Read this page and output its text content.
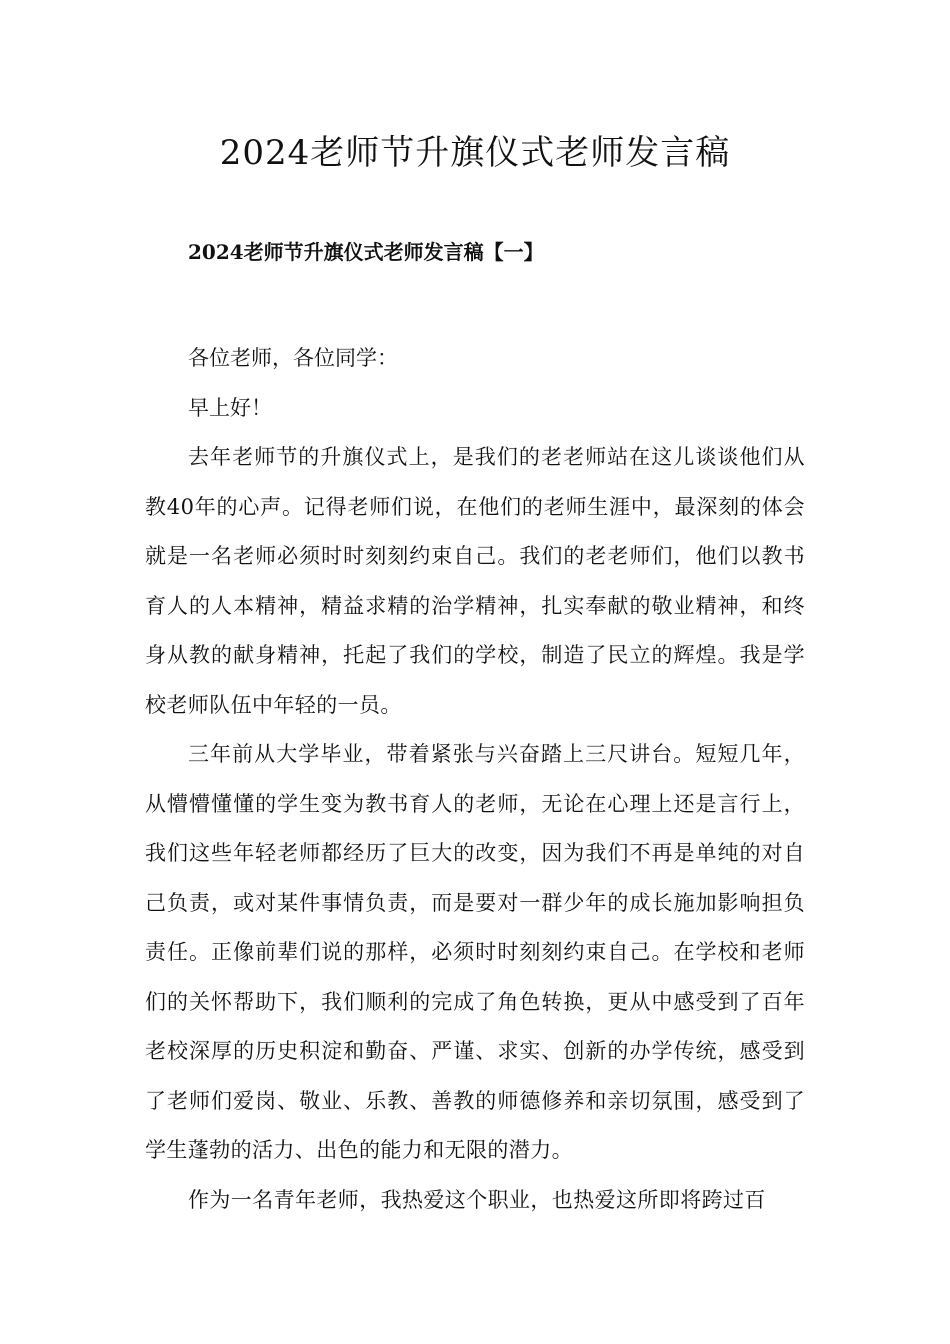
2024老师节升旗仪式老师发言稿
2024老师节升旗仪式老师发言稿【一】

各位老师，各位同学：

早上好！

去年老师节的升旗仪式上，是我们的老老师站在这儿谈谈他们从教40年的心声。记得老师们说，在他们的老师生涯中，最深刻的体会就是一名老师必须时时刻刻约束自己。我们的老老师们，他们以教书育人的人本精神，精益求精的治学精神，扎实奉献的敬业精神，和终身从教的献身精神，托起了我们的学校，制造了民立的辉煌。我是学校老师队伍中年轻的一员。

三年前从大学毕业，带着紧张与兴奋踏上三尺讲台。短短几年，从懵懵懂懂的学生变为教书育人的老师，无论在心理上还是言行上，我们这些年轻老师都经历了巨大的改变，因为我们不再是单纯的对自己负责，或对某件事情负责，而是要对一群少年的成长施加影响担负责任。正像前辈们说的那样，必须时时刻刻约束自己。在学校和老师们的关怀帮助下，我们顺利的完成了角色转换，更从中感受到了百年老校深厚的历史积淀和勤奋、严谨、求实、创新的办学传统，感受到了老师们爱岗、敬业、乐教、善教的师德修养和亲切氛围，感受到了学生蓬勃的活力、出色的能力和无限的潜力。

作为一名青年老师，我热爱这个职业，也热爱这所即将跨过百
